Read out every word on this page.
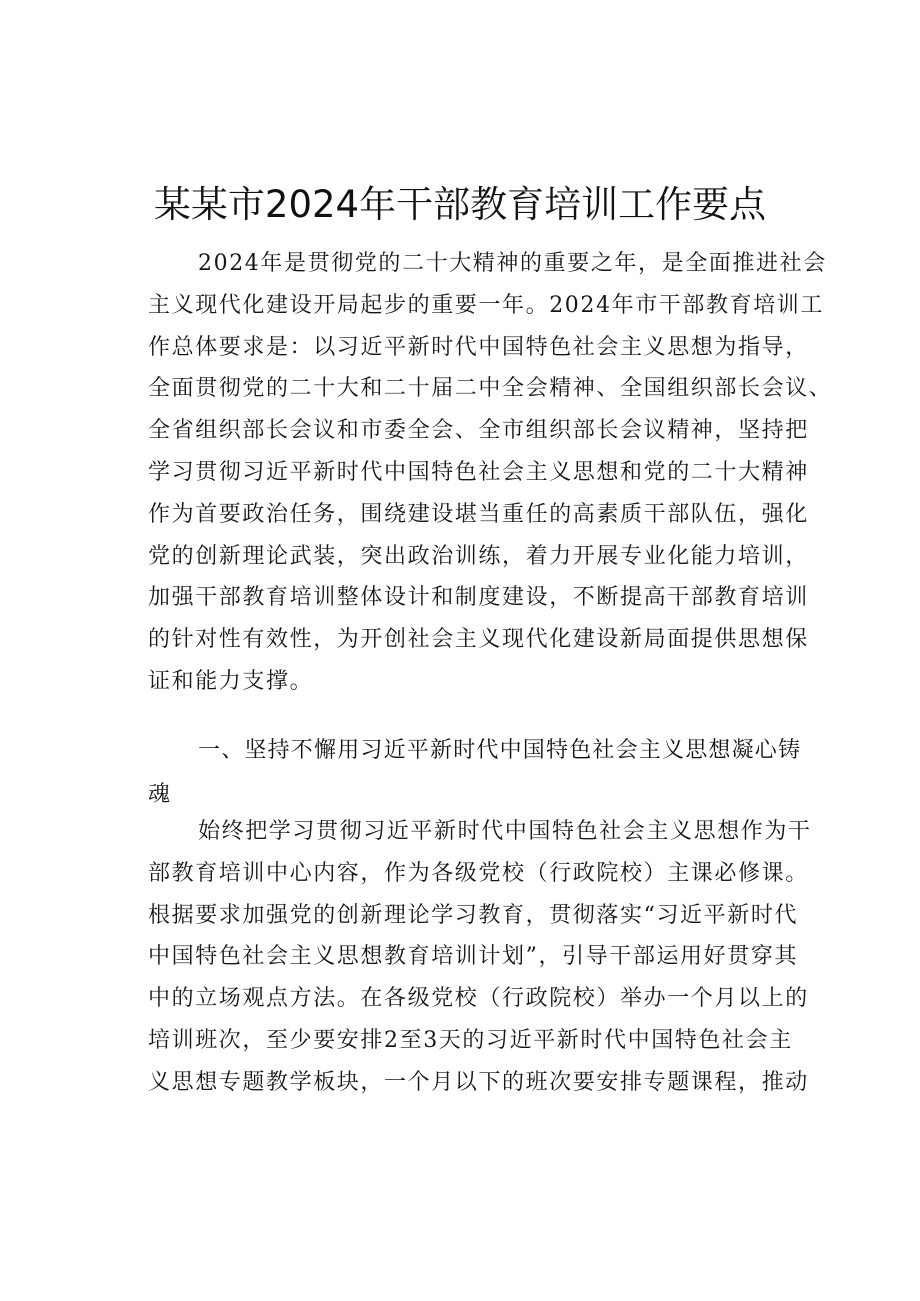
某某市2024年干部教育培训工作要点
2024年是贯彻党的二十大精神的重要之年，是全面推进社会
主义现代化建设开局起步的重要一年。2024年市干部教育培训工
作总体要求是：以习近平新时代中国特色社会主义思想为指导，
全面贯彻党的二十大和二十届二中全会精神、全国组织部长会议、
全省组织部长会议和市委全会、全市组织部长会议精神，坚持把
学习贯彻习近平新时代中国特色社会主义思想和党的二十大精神
作为首要政治任务，围绕建设堪当重任的高素质干部队伍，强化
党的创新理论武装，突出政治训练，着力开展专业化能力培训，
加强干部教育培训整体设计和制度建设，不断提高干部教育培训
的针对性有效性，为开创社会主义现代化建设新局面提供思想保
证和能力支撑。
一、坚持不懈用习近平新时代中国特色社会主义思想凝心铸
魂
始终把学习贯彻习近平新时代中国特色社会主义思想作为干
部教育培训中心内容，作为各级党校（行政院校）主课必修课。
根据要求加强党的创新理论学习教育，贯彻落实“习近平新时代
中国特色社会主义思想教育培训计划”，引导干部运用好贯穿其
中的立场观点方法。在各级党校（行政院校）举办一个月以上的
培训班次，至少要安排2至3天的习近平新时代中国特色社会主
义思想专题教学板块，一个月以下的班次要安排专题课程，推动
